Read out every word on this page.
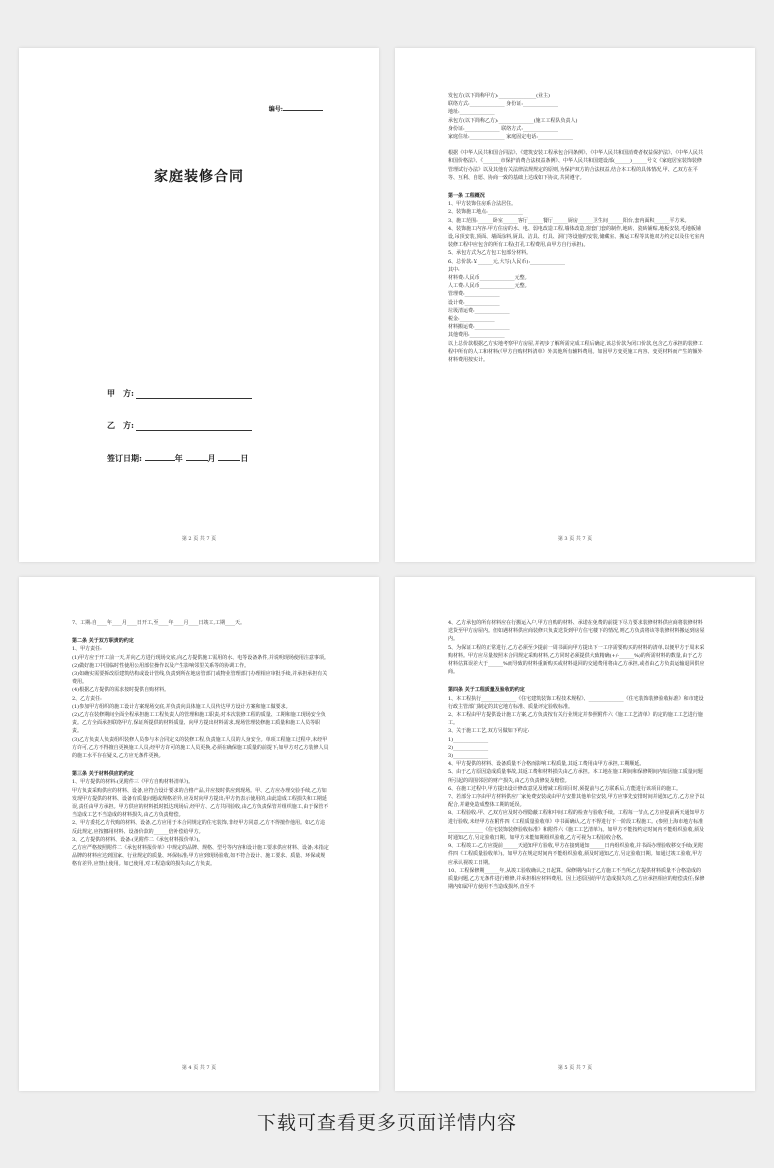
编号:
家庭装修合同
甲　方:
乙　方:
签订日期:	年	月	日
第 2 页 共 7 页

发包方(以下简称甲方):_______________(业主)

联络方式:______________ 身份证:______________

地址:______________

承包方(以下简称乙方):______________(施工工程队负责人)

身份证:______________ 联络方式:______________

家庭住址:______________ 家庭固定电话:______________

根据《中华人民共和国合同法》、《建筑安装工程承包合同条例》、《中华人民共和国消费者权益保护法》、《中华人民共和国价格法》、《_______市保护消费合法权益条例》、中华人民共和国建设部(______)______号文《家庭居室装饰装修管理试行办法》以及其他有关法律法规规定的原则,为保护双方的合法权益,结合本工程的具体情况,甲、乙双方在平等、互利、自愿、协商一致的基础上达成如下协议,共同遵守。

第一条 工程概况

1、甲方装饰住房系合法居住。

2、装饰施工地点:______________

3、施工范围:______卧室______客厅______餐厅______厨房______卫生间______阳台,套内面积______平方米。

4、装饰施工内容:甲方住房的水、电、弱电改造工程,墙体改造,窗套门套的制作,地砖、瓷砖铺贴,地板安装,毛地板铺设,吊顶安装,顶面、墙面涂料,厨具、洁具、灯具、洞门等设施的安装,储藏室、搬运工程等其他双方约定以及住宅室内装修工程中应包含的所有工程(打孔工程费用,由甲方自行承担)。

5、承包方式为乙方包工包部分材料。

6、总价款:￥______元,大写(人民币):______________

其中:

材料费:人民币______________元整。

人工费:人民币______________元整。

管理费:______________

设计费:______________

垃圾清运费:______________

税金:______________

材料搬运费:______________

其他费用:______________

以上总价款根据乙方实地考察甲方房屋,并初步了解所需完成工程后确定,该总价款为闭口价款,包含乙方承担的装修工程中所有的人工和材料(《甲方自购材料清单》外其他所有辅料费用。如因甲方变更施工内容、变更材料而产生的额外材料费用按实计。

第 3 页 共 7 页

7、工期:自____年____月____日开工,至____年____月____日竣工,工期____天。

第二条 关于双方职责的约定

1、甲方责任:

(1)甲方应于开工前一天,并向乙方进行现场交底,向乙方提供施工需用的水、电等设备条件,并说明现场使用注意事项。

(2)做好施工中国临时性使用公用部位操作以及产生影响邻里关系等的协调工作。

(3)如确实需要拆改原建筑结构或设计管线,负责到所在地房管部门或物业管理部门办理相应审批手续,并承担承担有关费用。

(4)根据乙方提供的需求按时提供自购材料。

2、乙方责任:

(1)参加甲方组织的施工设计方案现场交底,并负责向具体施工人员传达甲方设计方案和施工做要求。

(2)乙方在装修期间全面全程承担施工工程负责人的管理和施工职责;对本次装修工程的质量、工期和施工现场安全负责。乙方全面承担联络甲方,保证所提供的材料质量、向甲方提出材料需求,现场管理装修施工质量和施工人员等职责。

(3)乙方负责人负责组织装修人员参与本合同定义的装修工程,负责施工人员的人身安全。单项工程施工过程中,未经甲方许可,乙方不得擅自更换施工人员;经甲方许可的施工人员更换,必须在确保施工质量的前提下;如甲方对乙方装修人员的施工水平存在疑义,乙方应无条件更换。

第三条 关于材料供应的约定

1、甲方提供的材料:(见附件三《甲方自购材料清单》)。

甲方负责采购供应的材料、设备,应符合设计要求的合格产品,并应按时供应到现场。甲、乙方应办理交验手续,乙方如发现甲方提供的材料、设备有质量问题或规格差异,应及时向甲方提出;甲方仍表示使用的,由此造成工程损失和工期延误,责任由甲方承担。甲方供应的材料抵时抵达现场后,经甲方、乙方共同验收,由乙方负责保管并组织施工,由于保管不当造成工艺不当造成的材料损失,由乙方负责赔偿。

2、甲方委托乙方代购的材料、设备,乙方应用于本合同规定的住宅装饰,非经甲方同意,乙方不得擅作他用。如乙方违反此规定,应按挪用材料、设备价款的______倍补偿给甲方。

3、乙方提供的材料、设备:(见附件二《承包材料报价单》)。

乙方应严格按照附件二《承包材料报价单》中规定的品牌、规格、型号等内容和设计施工要求供应材料、设备;未指定品牌的材料应达到国家、行业规定的质量、环保标准;甲方应到现场验收,如不符合设计、施工要求、质量、环保或规格有差异,应禁止使用。如已使用,对工程造成的损失由乙方负责。

第 4 页 共 7 页

4、乙方承包的所有材料应在行搬运入户,甲方自购的材料、承诺在免费的前提下尽力要求装修材料供应商将装修材料送货至甲方房屋内。但如遇材料供应商装修只负责送货到甲方住宅楼下的情况,则乙方负责将该等装修材料搬运到房屋内。

5、为保证工程的正常进行,乙方必须至少提前一周书面向甲方提出下一工序需要购买的材料的清单,以便甲方于周末采购材料。甲方应尽量按照本合同规定采购材料,乙方同时必须提供大致精确(+/-______%)的所需材料的数量,由于乙方材料估算误差大于______%而导致的材料重新购买或材料退回的交通费用将由乙方承担,或者由乙方负责运输退回供应商。

第四条 关于工程质量及验收的约定

1、本工程执行______________《住宅建筑装饰工程技术规程》、______________《住宅装饰装修验收标准》和市建设行政主管部门制定的其它地方标准、质量评定验收标准。

2、本工程由甲方提供设计施工方案,乙方负责按有关行业规定并参照附件六《施工工艺清单》的定的施工工艺进行施工。

3、关于施工工艺,双方另做如下约定:

1)______________

2)______________

3)______________

4、甲方提供的材料、设备质量不合格而影响工程质量,其返工费用由甲方承担,工期顺延。

5、由于乙方原因造成质量事故,其返工费和材料损失由乙方承担。本工地在施工期间和保修期间内如因施工质量问题所引起的周围邻居的财产损失,由乙方负责修复及赔偿。

6、在施工过程中,甲方提出设计修改意见及增减工程项目时,须提前与乙方联系后,方能进行该项目的施工。

7、若部分工序由甲方材料供应厂家免费安装或由甲方安排其他单位安装,甲方应事先安排时间并通知乙方,乙方应予以配合,并避免造成整体工期的延误。

8、工程验收:甲、乙双方应及时办理隐蔽工程和中间工程的检查与验收手续。工程每一节点,乙方应提前两天通知甲方进行验收,未经甲方在附件四《工程质量验收单》中书面确认,乙方不得进行下一阶段工程施工。(参照上海市地方标准______________《住宅装饰装修验收标准》和附件六《施工工艺清单》)。如甲方不能按约定时间内不能组织验收,须及时通知乙方,另定验收日期。如甲方未能如期组织验收,乙方可视为工程验收合格。

9、工程竣工:乙方应提前______天通知甲方验收,甲方在接到通知______日内组织验收,并书面办理验收移交手续(见附件四《工程质量验收单》)。如甲方在规定时间内不能组织验收,须及时通知乙方,另定验收日期。如通过竣工验收,甲方应承认视竣工日期。

10、工程保修期______年,从竣工验收确认之日起算。保修期内由于乙方施工不当所乙方提供材料质量不合格造成的质量问题,乙方无条件进行维修,并承担相应材料费用。因上述原因给甲方造成损失的,乙方应承担相应的赔偿责任;保修期内如属甲方使用不当造成损坏,直至不

第 5 页 共 7 页
下载可查看更多页面详情内容
